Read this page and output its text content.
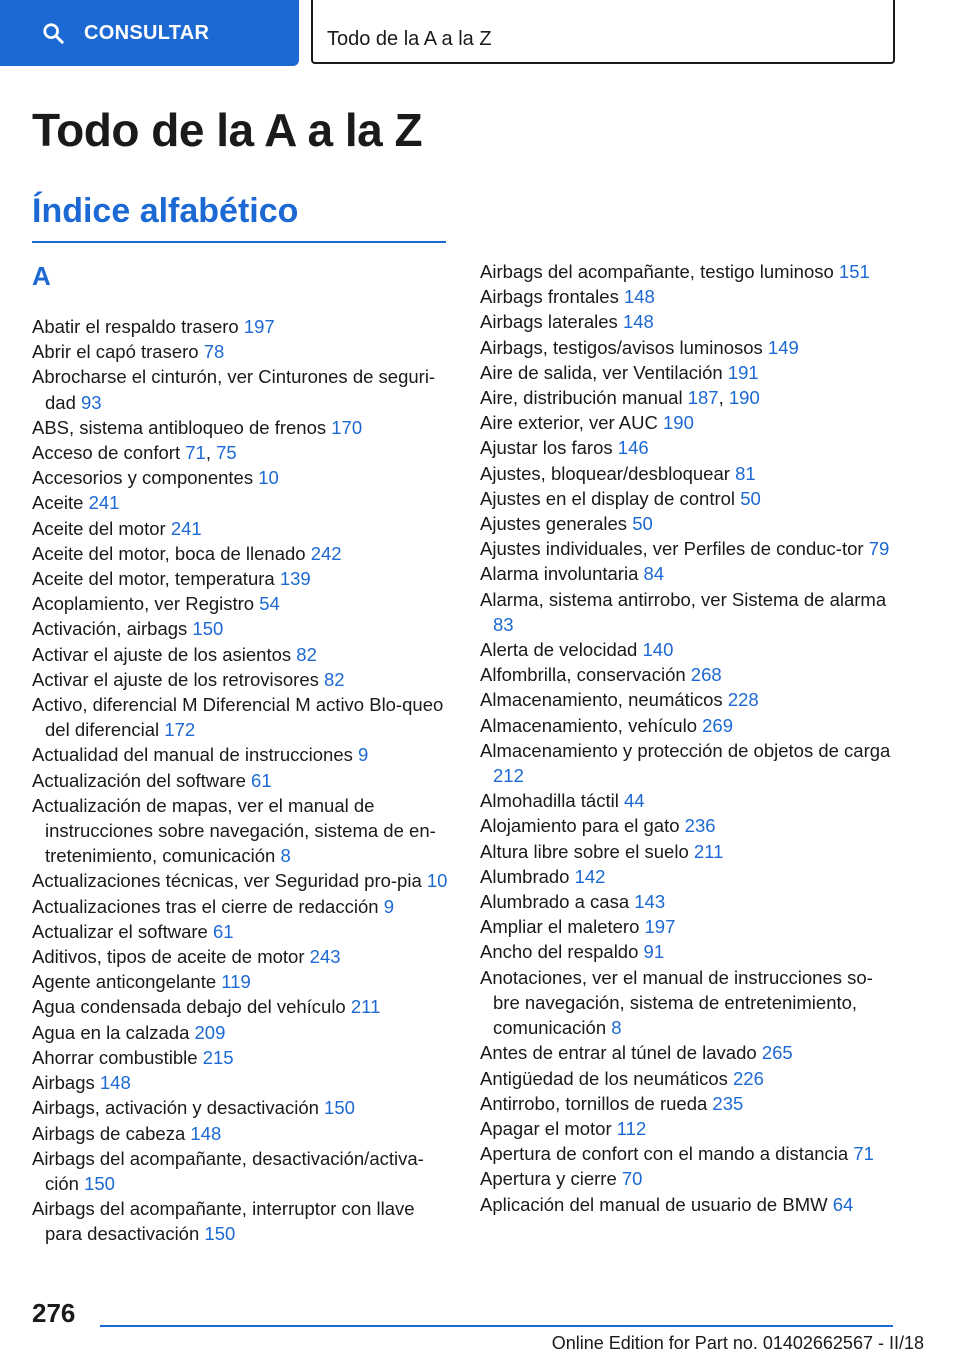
CONSULTAR	Todo de la A a la Z
Todo de la A a la Z
Índice alfabético
A
Abatir el respaldo trasero 197
Abrir el capó trasero 78
Abrocharse el cinturón, ver Cinturones de seguri‐dad 93
ABS, sistema antibloqueo de frenos 170
Acceso de confort 71, 75
Accesorios y componentes 10
Aceite 241
Aceite del motor 241
Aceite del motor, boca de llenado 242
Aceite del motor, temperatura 139
Acoplamiento, ver Registro 54
Activación, airbags 150
Activar el ajuste de los asientos 82
Activar el ajuste de los retrovisores 82
Activo, diferencial M Diferencial M activo Blo‐queo del diferencial 172
Actualidad del manual de instrucciones 9
Actualización del software 61
Actualización de mapas, ver el manual de instrucciones sobre navegación, sistema de en‐tretenimiento, comunicación 8
Actualizaciones técnicas, ver Seguridad pro‐pia 10
Actualizaciones tras el cierre de redacción 9
Actualizar el software 61
Aditivos, tipos de aceite de motor 243
Agente anticongelante 119
Agua condensada debajo del vehículo 211
Agua en la calzada 209
Ahorrar combustible 215
Airbags 148
Airbags, activación y desactivación 150
Airbags de cabeza 148
Airbags del acompañante, desactivación/activa‐ción 150
Airbags del acompañante, interruptor con llave para desactivación 150
Airbags del acompañante, testigo luminoso 151
Airbags frontales 148
Airbags laterales 148
Airbags, testigos/avisos luminosos 149
Aire de salida, ver Ventilación 191
Aire, distribución manual 187, 190
Aire exterior, ver AUC 190
Ajustar los faros 146
Ajustes, bloquear/desbloquear 81
Ajustes en el display de control 50
Ajustes generales 50
Ajustes individuales, ver Perfiles de conduc‐tor 79
Alarma involuntaria 84
Alarma, sistema antirrobo, ver Sistema de alarma 83
Alerta de velocidad 140
Alfombrilla, conservación 268
Almacenamiento, neumáticos 228
Almacenamiento, vehículo 269
Almacenamiento y protección de objetos de carga 212
Almohadilla táctil 44
Alojamiento para el gato 236
Altura libre sobre el suelo 211
Alumbrado 142
Alumbrado a casa 143
Ampliar el maletero 197
Ancho del respaldo 91
Anotaciones, ver el manual de instrucciones so‐bre navegación, sistema de entretenimiento, comunicación 8
Antes de entrar al túnel de lavado 265
Antigüedad de los neumáticos 226
Antirrobo, tornillos de rueda 235
Apagar el motor 112
Apertura de confort con el mando a distancia 71
Apertura y cierre 70
Aplicación del manual de usuario de BMW 64
276
Online Edition for Part no. 01402662567 - II/18
